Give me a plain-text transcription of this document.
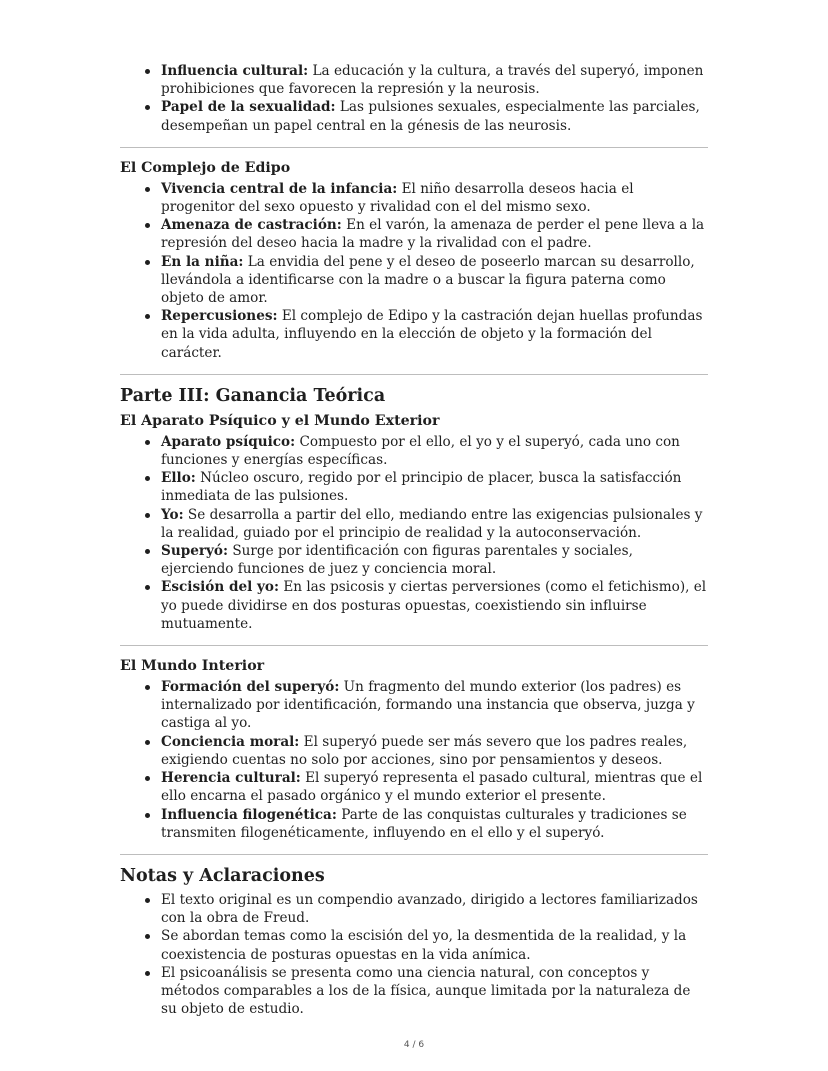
Influencia cultural: La educación y la cultura, a través del superyó, imponen prohibiciones que favorecen la represión y la neurosis.
Papel de la sexualidad: Las pulsiones sexuales, especialmente las parciales, desempeñan un papel central en la génesis de las neurosis.
El Complejo de Edipo
Vivencia central de la infancia: El niño desarrolla deseos hacia el progenitor del sexo opuesto y rivalidad con el del mismo sexo.
Amenaza de castración: En el varón, la amenaza de perder el pene lleva a la represión del deseo hacia la madre y la rivalidad con el padre.
En la niña: La envidia del pene y el deseo de poseerlo marcan su desarrollo, llevándola a identificarse con la madre o a buscar la figura paterna como objeto de amor.
Repercusiones: El complejo de Edipo y la castración dejan huellas profundas en la vida adulta, influyendo en la elección de objeto y la formación del carácter.
Parte III: Ganancia Teórica
El Aparato Psíquico y el Mundo Exterior
Aparato psíquico: Compuesto por el ello, el yo y el superyó, cada uno con funciones y energías específicas.
Ello: Núcleo oscuro, regido por el principio de placer, busca la satisfacción inmediata de las pulsiones.
Yo: Se desarrolla a partir del ello, mediando entre las exigencias pulsionales y la realidad, guiado por el principio de realidad y la autoconservación.
Superyó: Surge por identificación con figuras parentales y sociales, ejerciendo funciones de juez y conciencia moral.
Escisión del yo: En las psicosis y ciertas perversiones (como el fetichismo), el yo puede dividirse en dos posturas opuestas, coexistiendo sin influirse mutuamente.
El Mundo Interior
Formación del superyó: Un fragmento del mundo exterior (los padres) es internalizado por identificación, formando una instancia que observa, juzga y castiga al yo.
Conciencia moral: El superyó puede ser más severo que los padres reales, exigiendo cuentas no solo por acciones, sino por pensamientos y deseos.
Herencia cultural: El superyó representa el pasado cultural, mientras que el ello encarna el pasado orgánico y el mundo exterior el presente.
Influencia filogenética: Parte de las conquistas culturales y tradiciones se transmiten filogenéticamente, influyendo en el ello y el superyó.
Notas y Aclaraciones
El texto original es un compendio avanzado, dirigido a lectores familiarizados con la obra de Freud.
Se abordan temas como la escisión del yo, la desmentida de la realidad, y la coexistencia de posturas opuestas en la vida anímica.
El psicoanálisis se presenta como una ciencia natural, con conceptos y métodos comparables a los de la física, aunque limitada por la naturaleza de su objeto de estudio.
4 / 6
